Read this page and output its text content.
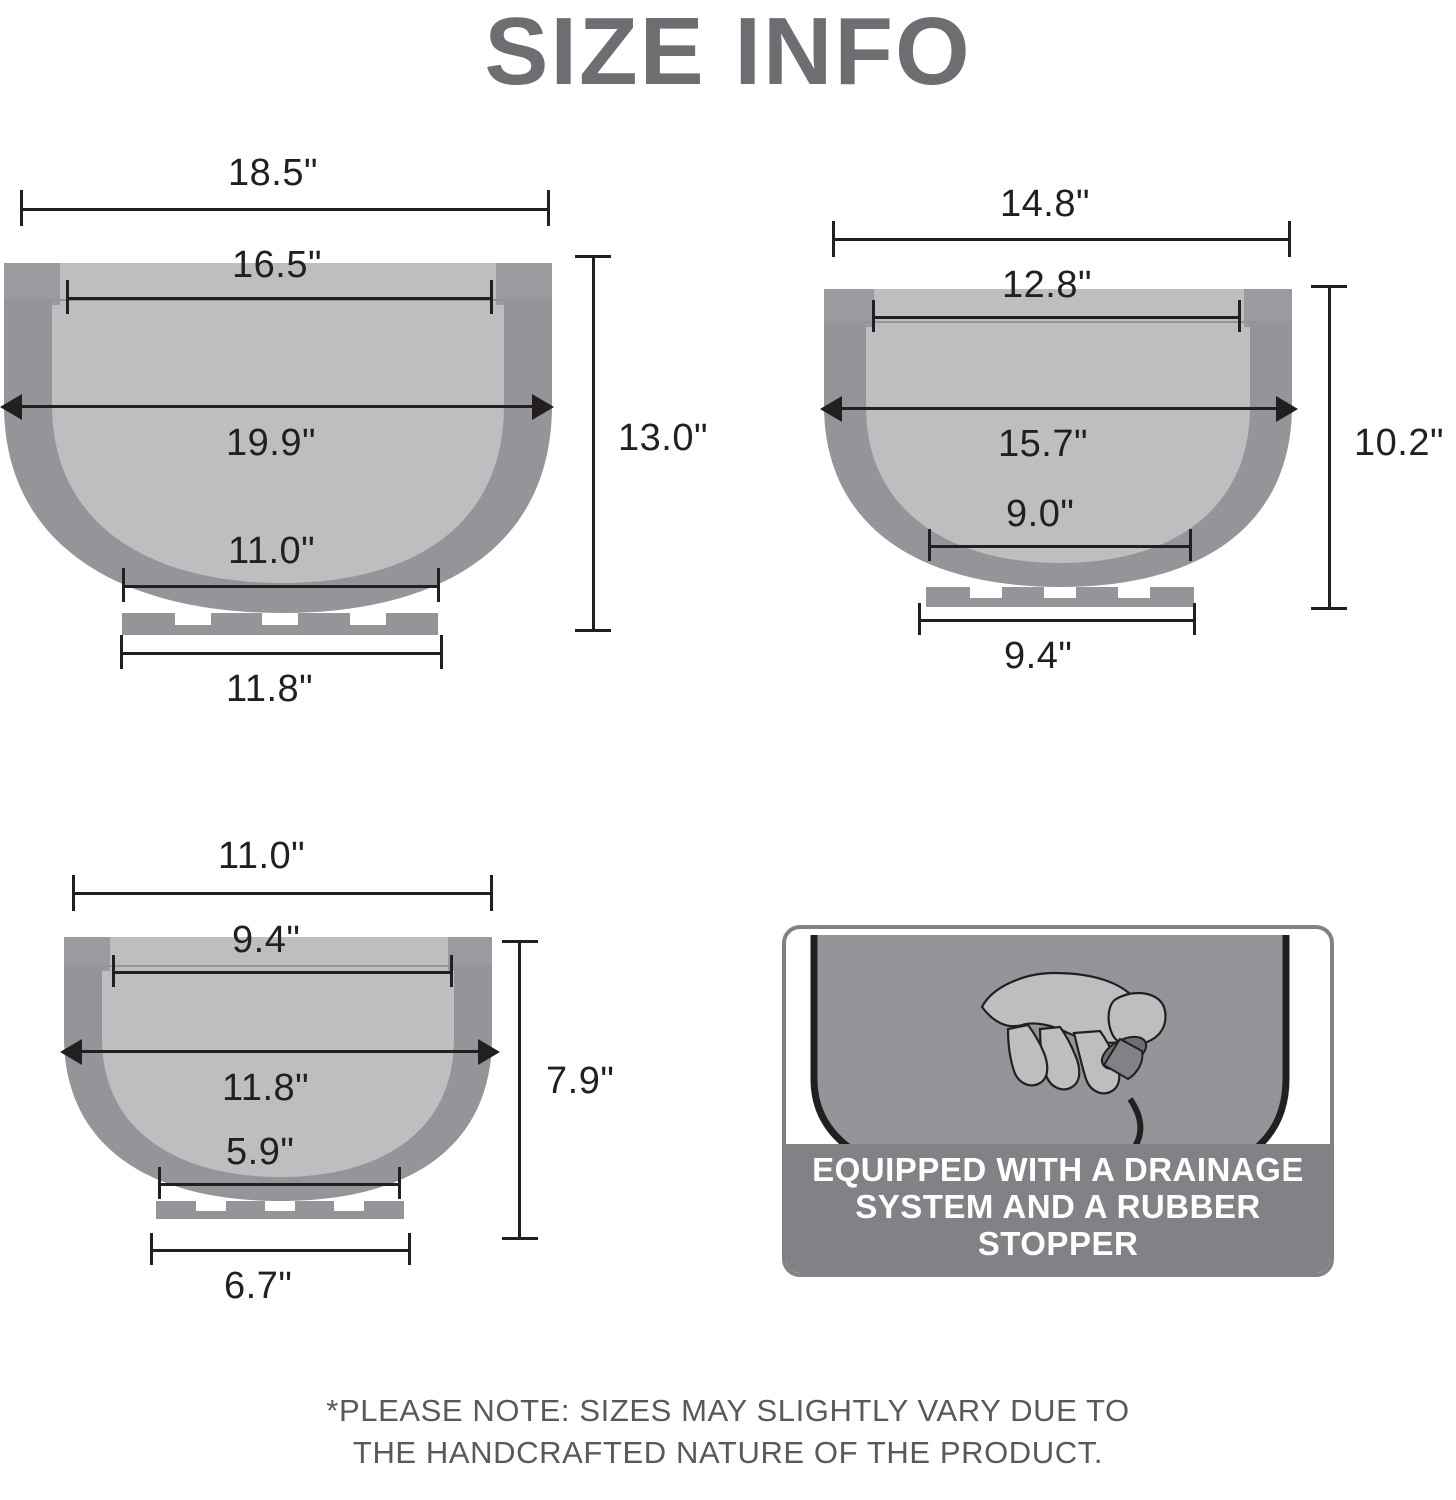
SIZE INFO
18.5"
16.5"
19.9"
11.0"
11.8"
13.0"
14.8"
12.8"
15.7"
9.0"
9.4"
10.2"
11.0"
9.4"
11.8"
5.9"
6.7"
7.9"
EQUIPPED WITH A DRAINAGE
SYSTEM AND A RUBBER STOPPER
*PLEASE NOTE: SIZES MAY SLIGHTLY VARY DUE TO
THE HANDCRAFTED NATURE OF THE PRODUCT.
